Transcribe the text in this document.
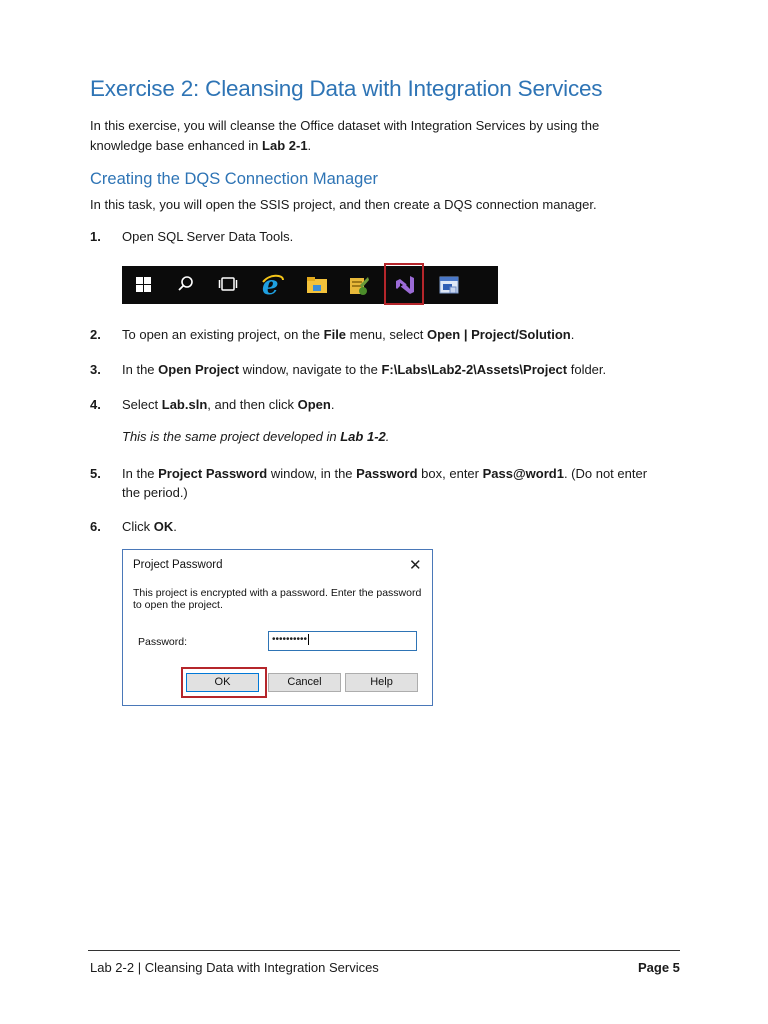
Exercise 2: Cleansing Data with Integration Services
In this exercise, you will cleanse the Office dataset with Integration Services by using the
knowledge base enhanced in Lab 2-1.
Creating the DQS Connection Manager
In this task, you will open the SSIS project, and then create a DQS connection manager.
1. Open SQL Server Data Tools.
e
2. To open an existing project, on the File menu, select Open | Project/Solution.
3. In the Open Project window, navigate to the F:\Labs\Lab2-2\Assets\Project folder.
4. Select Lab.sln, and then click Open.
This is the same project developed in Lab 1-2.
5. In the Project Password window, in the Password box, enter Pass@word1. (Do not enter
the period.)
6. Click OK.
Project Password	✕
This project is encrypted with a password. Enter the password to open the project.
Password:	••••••••••
OK	Cancel	Help
Lab 2-2 | Cleansing Data with Integration Services	Page 5
